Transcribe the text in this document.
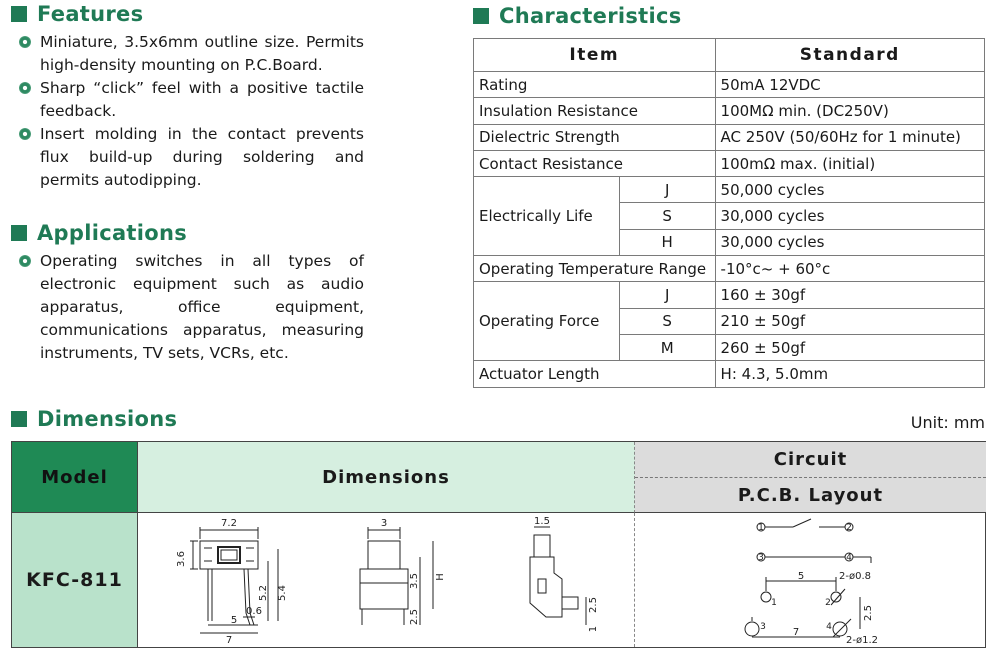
Features
Miniature, 3.5x6mm outline size. Permits high-density mounting on P.C.Board.
Sharp “click” feel with a positive tactile feedback.
Insert molding in the contact prevents flux build-up during soldering and permits autodipping.
Applications
Operating switches in all types of electronic equipment such as audio apparatus, office equipment, communications apparatus, measuring instruments, TV sets, VCRs, etc.
Characteristics
Item		Standard
Rating		50mA 12VDC
Insulation Resistance		100MΩ min. (DC250V)
Dielectric Strength		AC 250V (50/60Hz for 1 minute)
Contact Resistance		100mΩ max. (initial)
Electrically Life	J	50,000 cycles
	S	30,000 cycles
	H	30,000 cycles
Operating Temperature Range		-10°c~ + 60°c
Operating Force	J	160 ± 30gf
	S	210 ± 50gf
	M	260 ± 50gf
Actuator Length		H: 4.3, 5.0mm
Dimensions	Unit: mm
Model	Dimensions
Circuit
P.C.B. Layout
KFC-811
7.2
3.6
5.2 5.4
0.6
5
7
3
3.5 H
2.5
1.5
2.5
1
1	2
3	4
1	2
3	4
5
7
2-ø0.8
2-ø1.2
2.5
